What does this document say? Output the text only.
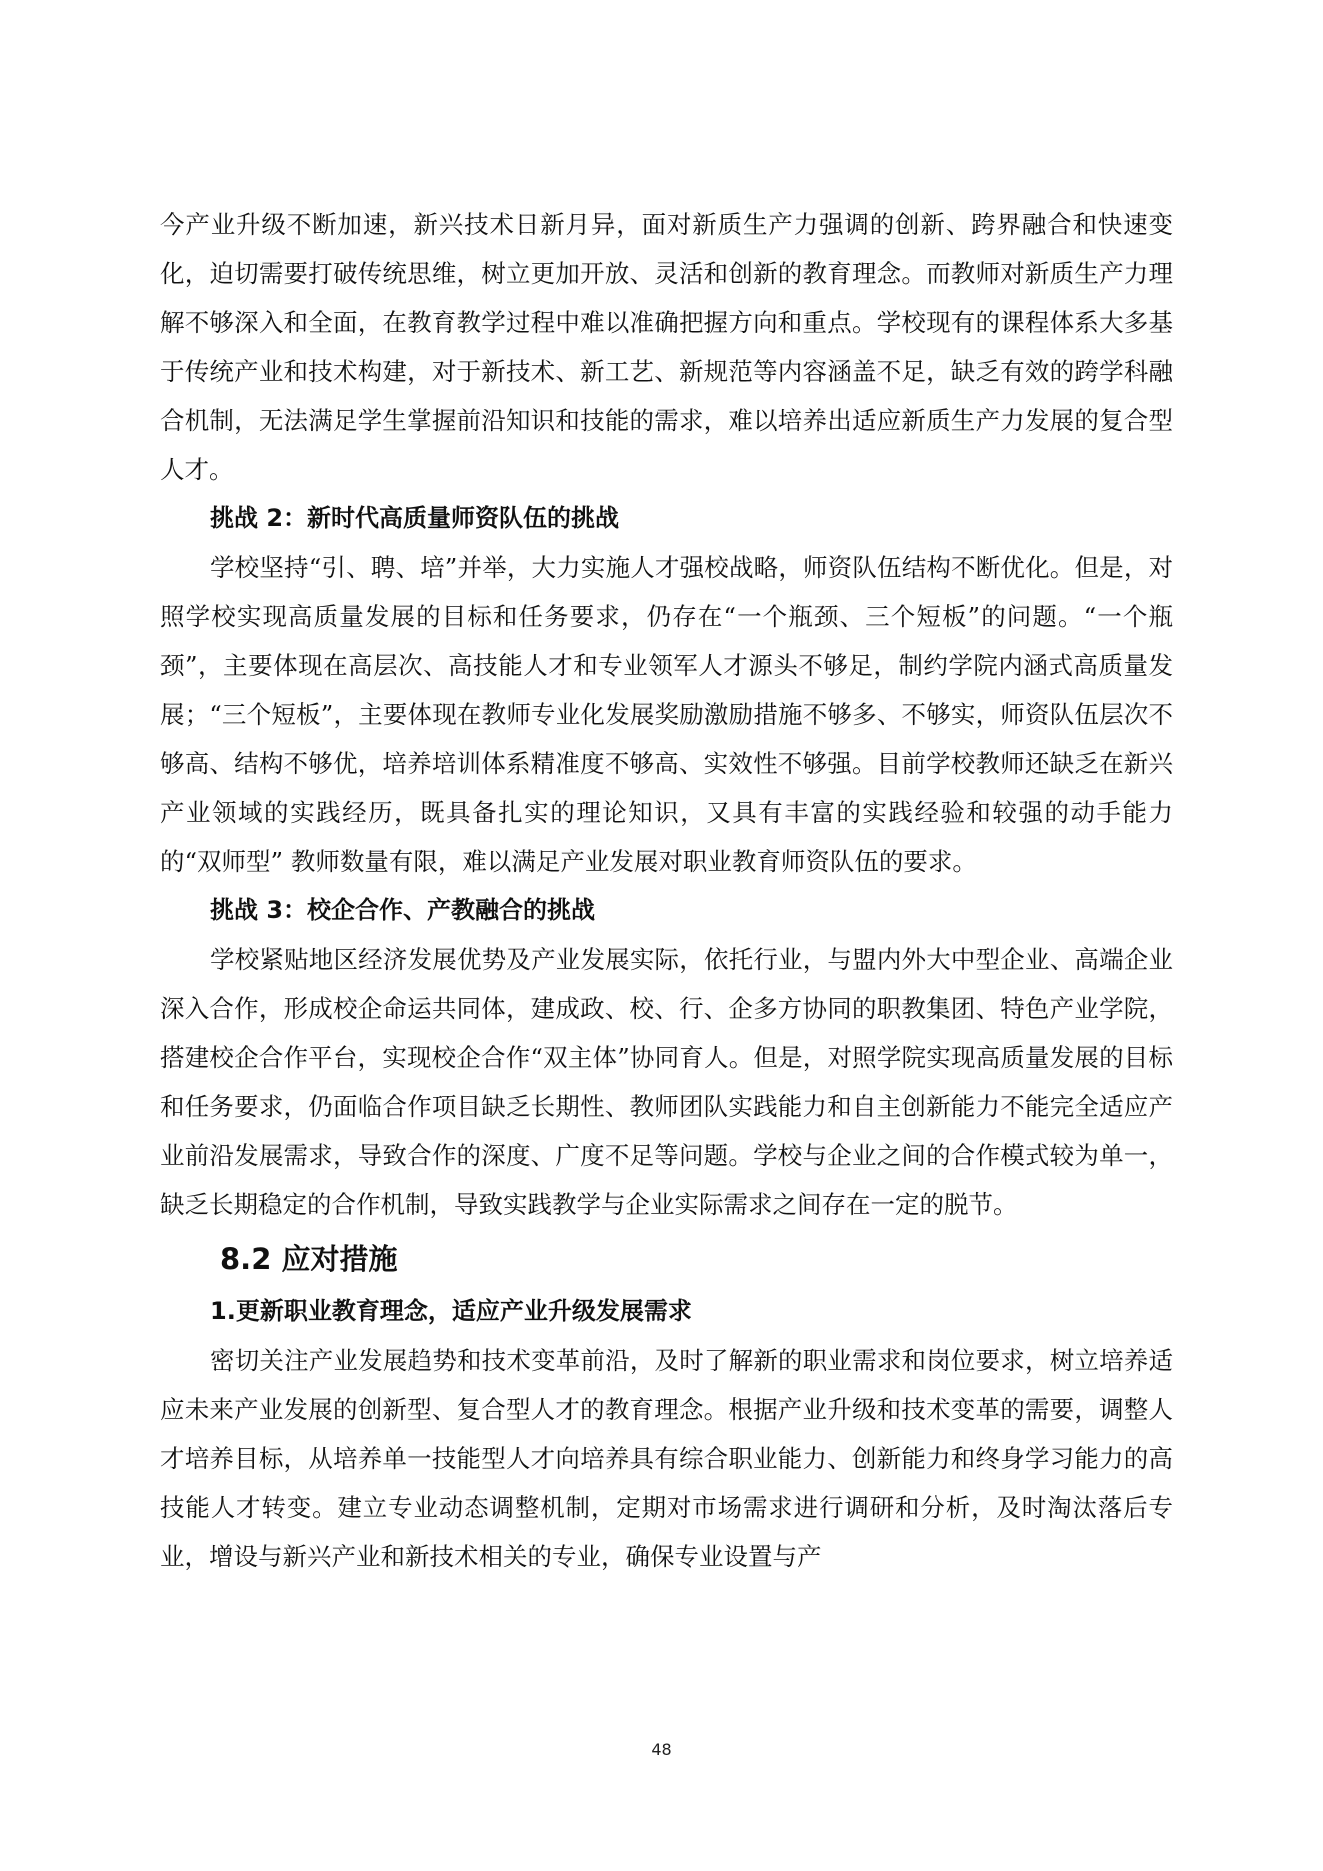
今产业升级不断加速，新兴技术日新月异，面对新质生产力强调的创新、跨界融合和快速变化，迫切需要打破传统思维，树立更加开放、灵活和创新的教育理念。而教师对新质生产力理解不够深入和全面，在教育教学过程中难以准确把握方向和重点。学校现有的课程体系大多基于传统产业和技术构建，对于新技术、新工艺、新规范等内容涵盖不足，缺乏有效的跨学科融合机制，无法满足学生掌握前沿知识和技能的需求，难以培养出适应新质生产力发展的复合型人才。

挑战 2：新时代高质量师资队伍的挑战

学校坚持“引、聘、培”并举，大力实施人才强校战略，师资队伍结构不断优化。但是，对照学校实现高质量发展的目标和任务要求，仍存在“一个瓶颈、三个短板”的问题。“一个瓶颈”，主要体现在高层次、高技能人才和专业领军人才源头不够足，制约学院内涵式高质量发展；“三个短板”，主要体现在教师专业化发展奖励激励措施不够多、不够实，师资队伍层次不够高、结构不够优，培养培训体系精准度不够高、实效性不够强。目前学校教师还缺乏在新兴产业领域的实践经历，既具备扎实的理论知识，又具有丰富的实践经验和较强的动手能力的“双师型” 教师数量有限，难以满足产业发展对职业教育师资队伍的要求。

挑战 3：校企合作、产教融合的挑战

学校紧贴地区经济发展优势及产业发展实际，依托行业，与盟内外大中型企业、高端企业深入合作，形成校企命运共同体，建成政、校、行、企多方协同的职教集团、特色产业学院，搭建校企合作平台，实现校企合作“双主体”协同育人。但是，对照学院实现高质量发展的目标和任务要求，仍面临合作项目缺乏长期性、教师团队实践能力和自主创新能力不能完全适应产业前沿发展需求，导致合作的深度、广度不足等问题。学校与企业之间的合作模式较为单一，缺乏长期稳定的合作机制，导致实践教学与企业实际需求之间存在一定的脱节。

8.2 应对措施
1.更新职业教育理念，适应产业升级发展需求

密切关注产业发展趋势和技术变革前沿，及时了解新的职业需求和岗位要求，树立培养适应未来产业发展的创新型、复合型人才的教育理念。根据产业升级和技术变革的需要，调整人才培养目标，从培养单一技能型人才向培养具有综合职业能力、创新能力和终身学习能力的高技能人才转变。建立专业动态调整机制，定期对市场需求进行调研和分析，及时淘汰落后专业，增设与新兴产业和新技术相关的专业，确保专业设置与产

48
